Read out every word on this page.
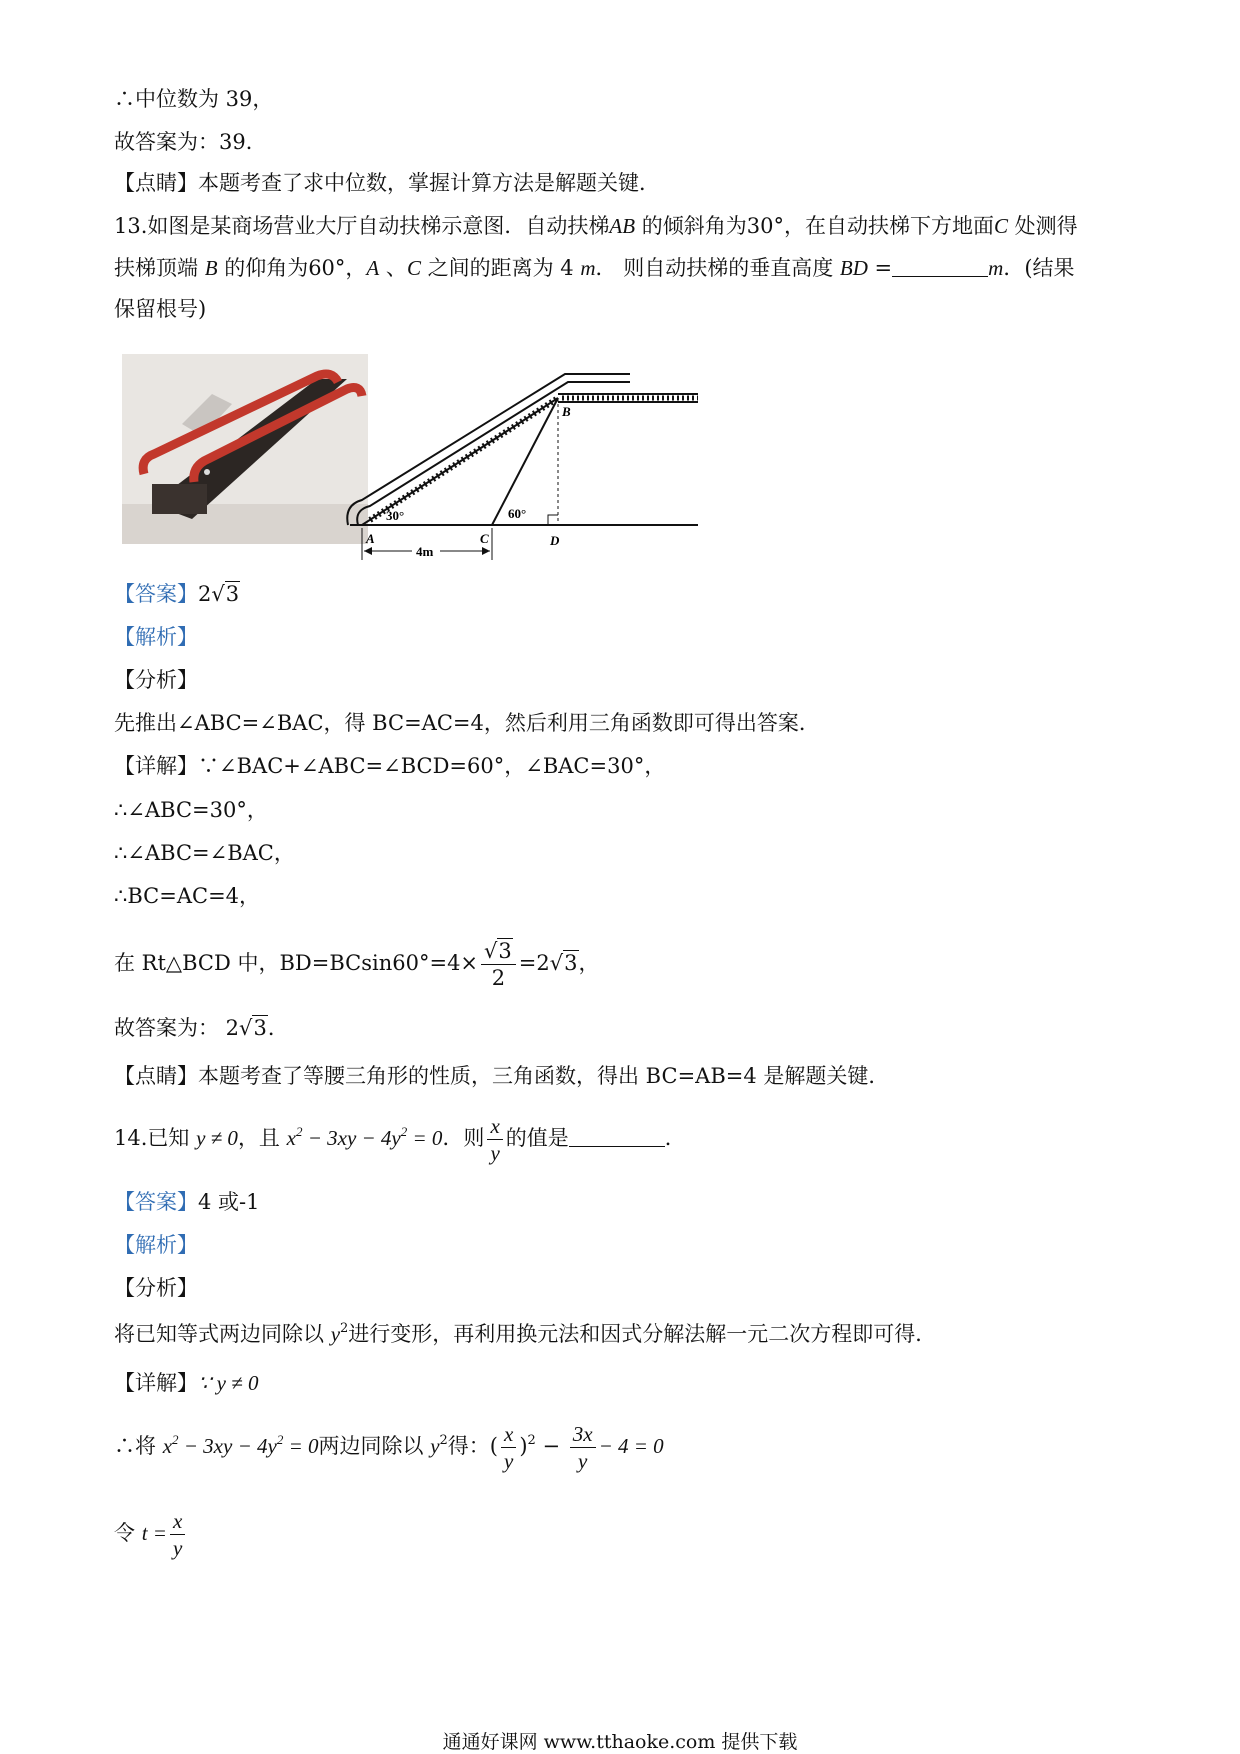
∴中位数为 39，
故答案为：39．
【点睛】本题考查了求中位数，掌握计算方法是解题关键．
13.如图是某商场营业大厅自动扶梯示意图．自动扶梯AB 的倾斜角为30°，在自动扶梯下方地面C 处测得
扶梯顶端 B 的仰角为60°，A 、C 之间的距离为 4 m． 则自动扶梯的垂直高度 BD =	m．(结果
保留根号)
30°	60°
A
B
C	D
4m
【答案】2√3
【解析】
【分析】
先推出∠ABC=∠BAC，得 BC=AC=4，然后利用三角函数即可得出答案．
【详解】∵∠BAC+∠ABC=∠BCD=60°，∠BAC=30°，
∴∠ABC=30°，
∴∠ABC=∠BAC，
∴BC=AC=4，
在 Rt△BCD 中，$BD=BCsin60^\circ=4\times \frac{√3}{2} =2√3$，
故答案为： 2√3．
【点睛】本题考查了等腰三角形的性质，三角函数，得出 BC=AB=4 是解题关键．
14.已知 y ≠ 0，且 $x^2 - 3xy - 4y^2 = 0$．则 $\frac{x}{y}$ 的值是	．
【答案】4 或-1
【解析】
【分析】
将已知等式两边同除以 $y^2$进行变形，再利用换元法和因式分解法解一元二次方程即可得．
【详解】∵ y ≠ 0
∴将 $x^2 - 3xy - 4y^2 = 0$两边同除以 $y^2$得：( $\frac{x}{y} )^2 - \frac{3x}{y} - 4 = 0$
令 $t = \frac{x}{y}$
通通好课网 www.tthaoke.com 提供下载
